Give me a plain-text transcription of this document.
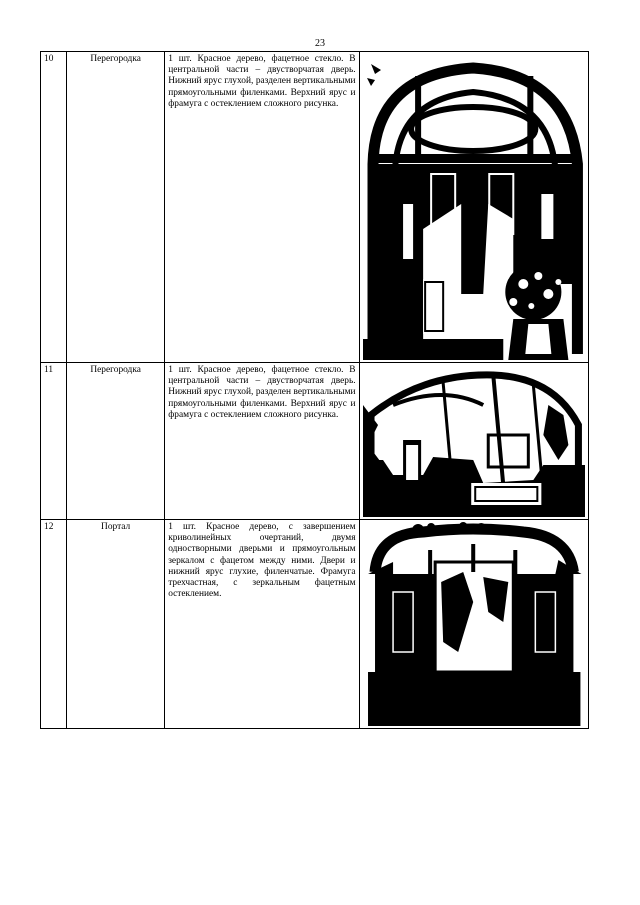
23
10	Перегородка	1 шт. Красное дерево, фацетное стекло. В центральной части – двустворчатая дверь. Нижний ярус глухой, разделен вертикальными прямоугольными филенками. Верхний ярус и фрамуга с остеклением сложного рисунка.	

11	Перегородка	1 шт. Красное дерево, фацетное стекло. В центральной части – двустворчатая дверь. Нижний ярус глухой, разделен вертикальными прямоугольными филенками. Верхний ярус и фрамуга с остеклением сложного рисунка.	

12	Портал	1 шт. Красное дерево, с завершением криволинейных очертаний, двумя одностворными дверьми и прямоугольным зеркалом с фацетом между ними. Двери и нижний ярус глухие, филенчатые. Фрамуга трехчастная, с зеркальным фацетным остеклением.	
